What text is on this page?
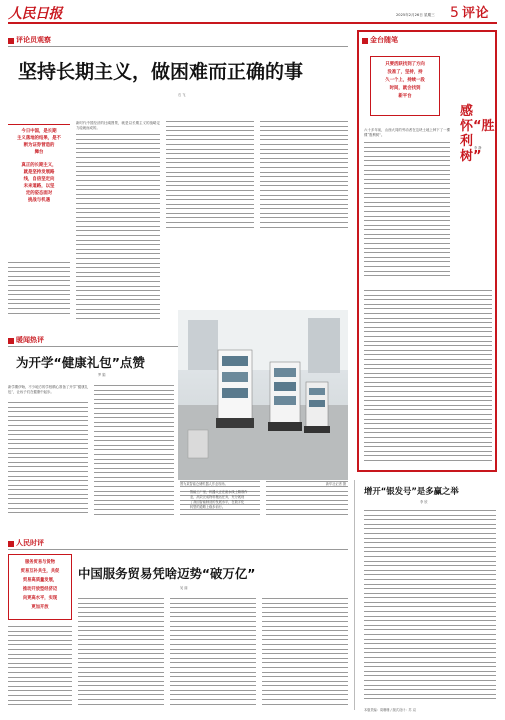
人民日报	2025年2月26日 星期三 5 评论
评论员观察
坚持长期主义，做困难而正确的事
石 飞
今日中国，是长期
主义落地的结果，是不
断为证券营造的
舞台
真正的长期主义，
就是坚持发展路
线，自信坚定向
未来道路，以坚
定的姿态面对
挑战与机遇
新时代中国经济的壮阔图景，就是以长期主义的战略定力绘就而成的。
金台随笔
只要活跃找到了方向
没准了，坚持，持
久一个上，持续一段
时间，就会找到
新平台
感怀“胜利树”
李 静
六十多年前，山西大同的劳动者在这块土地上种下了一棵棵“胜利树”。
暖闻热评
为开学“健康礼包”点赞
罗 娟
新学期伊始，不少地方的学校精心准备了开学“健康礼包”，让孩子们在健康中起步。
图为某智能仓储机器人作业现场。	新华社记者 摄
智能工厂里，机器人正在流水线上精准作
业，高效完成物料搬运任务，充分展现
了我国智能制造的发展水平，在数字化
转型的道路上稳步前行。
增开“银发号”是多赢之举
李 欣
人民时评
服务贸易与货物
贸易互补共生，共促
贸易高质量发展，
推动开放型经济迈
向更高水平，实现
更加开放
中国服务贸易凭啥迈势“破万亿”
吴 丽
本版责编：周珊珊 / 版式设计：苏 双
